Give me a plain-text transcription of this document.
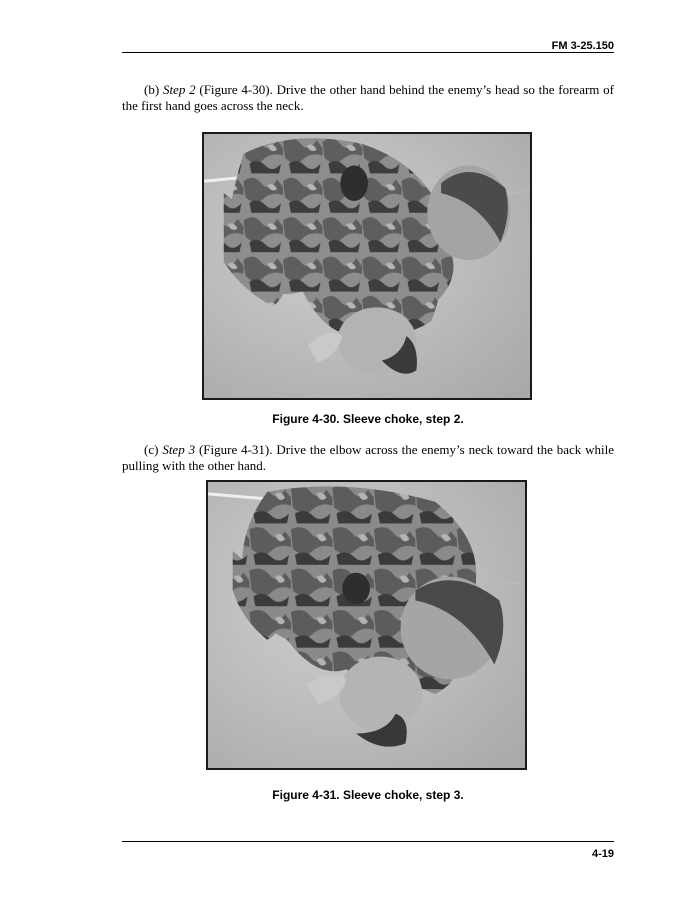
FM 3-25.150

(b) Step 2 (Figure 4-30). Drive the other hand behind the enemy’s head so the forearm of the first hand goes across the neck.

Figure 4-30. Sleeve choke, step 2.

(c) Step 3 (Figure 4-31). Drive the elbow across the enemy’s neck toward the back while pulling with the other hand.

Figure 4-31. Sleeve choke, step 3.
4-19
